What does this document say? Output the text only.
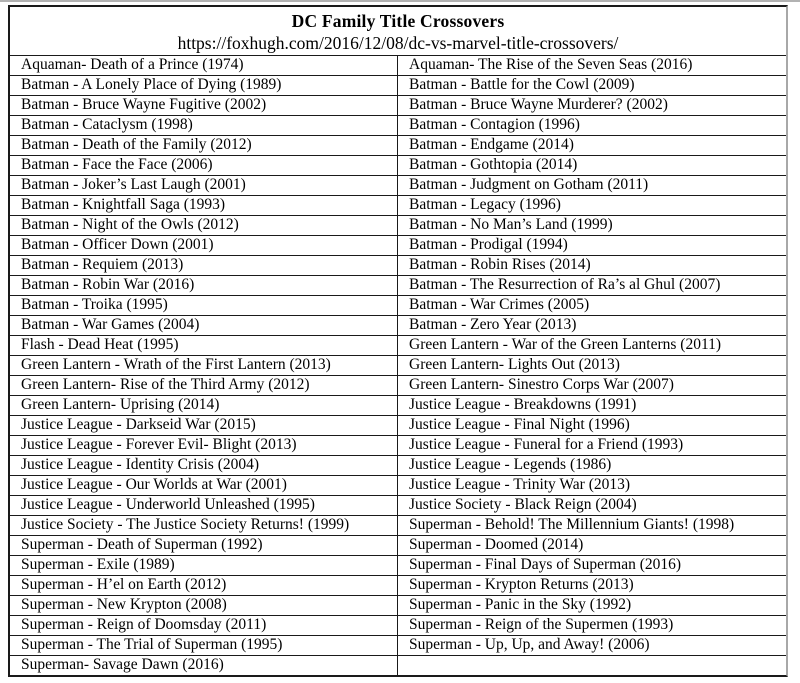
DC Family Title Crossovers
https://foxhugh.com/2016/12/08/dc-vs-marvel-title-crossovers/
Aquaman- Death of a Prince (1974)	Aquaman- The Rise of the Seven Seas (2016)
Batman - A Lonely Place of Dying (1989)	Batman - Battle for the Cowl (2009)
Batman - Bruce Wayne Fugitive (2002)	Batman - Bruce Wayne Murderer? (2002)
Batman - Cataclysm (1998)	Batman - Contagion (1996)
Batman - Death of the Family (2012)	Batman - Endgame (2014)
Batman - Face the Face (2006)	Batman - Gothtopia (2014)
Batman - Joker’s Last Laugh (2001)	Batman - Judgment on Gotham (2011)
Batman - Knightfall Saga (1993)	Batman - Legacy (1996)
Batman - Night of the Owls (2012)	Batman - No Man’s Land (1999)
Batman - Officer Down (2001)	Batman - Prodigal (1994)
Batman - Requiem (2013)	Batman - Robin Rises (2014)
Batman - Robin War (2016)	Batman - The Resurrection of Ra’s al Ghul (2007)
Batman - Troika (1995)	Batman - War Crimes (2005)
Batman - War Games (2004)	Batman - Zero Year (2013)
Flash - Dead Heat (1995)	Green Lantern - War of the Green Lanterns (2011)
Green Lantern - Wrath of the First Lantern (2013)	Green Lantern- Lights Out (2013)
Green Lantern- Rise of the Third Army (2012)	Green Lantern- Sinestro Corps War (2007)
Green Lantern- Uprising (2014)	Justice League - Breakdowns (1991)
Justice League - Darkseid War (2015)	Justice League - Final Night (1996)
Justice League - Forever Evil- Blight (2013)	Justice League - Funeral for a Friend (1993)
Justice League - Identity Crisis (2004)	Justice League - Legends (1986)
Justice League - Our Worlds at War (2001)	Justice League - Trinity War (2013)
Justice League - Underworld Unleashed (1995)	Justice Society - Black Reign (2004)
Justice Society - The Justice Society Returns! (1999)	Superman - Behold! The Millennium Giants! (1998)
Superman - Death of Superman (1992)	Superman - Doomed (2014)
Superman - Exile (1989)	Superman - Final Days of Superman (2016)
Superman - H’el on Earth (2012)	Superman - Krypton Returns (2013)
Superman - New Krypton (2008)	Superman - Panic in the Sky (1992)
Superman - Reign of Doomsday (2011)	Superman - Reign of the Supermen (1993)
Superman - The Trial of Superman (1995)	Superman - Up, Up, and Away! (2006)
Superman- Savage Dawn (2016)
